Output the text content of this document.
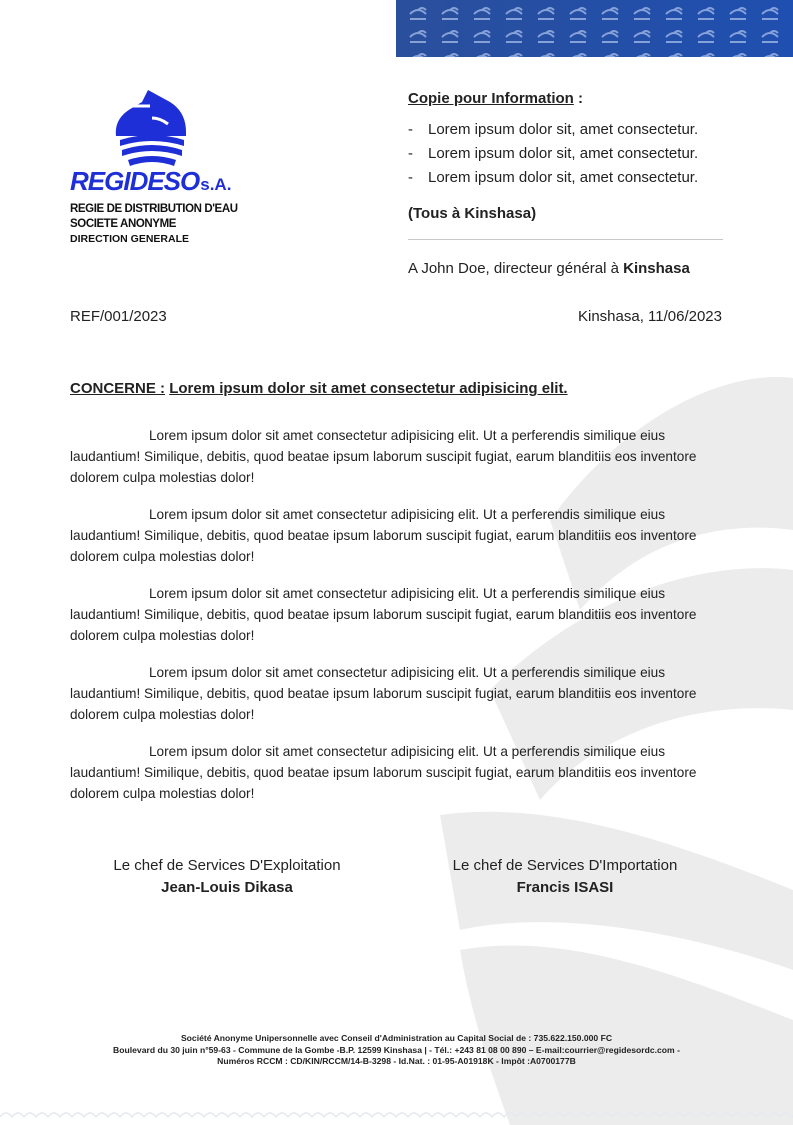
REGIDESOs.A.
REGIE DE DISTRIBUTION D'EAU
SOCIETE ANONYME
DIRECTION GENERALE
Copie pour Information :
- Lorem ipsum dolor sit, amet consectetur.
- Lorem ipsum dolor sit, amet consectetur.
- Lorem ipsum dolor sit, amet consectetur.
(Tous à Kinshasa)
A John Doe, directeur général à Kinshasa
REF/001/2023	Kinshasa, 11/06/2023
CONCERNE : Lorem ipsum dolor sit amet consectetur adipisicing elit.

Lorem ipsum dolor sit amet consectetur adipisicing elit. Ut a perferendis similique eius laudantium! Similique, debitis, quod beatae ipsum laborum suscipit fugiat, earum blanditiis eos inventore dolorem culpa molestias dolor!

Lorem ipsum dolor sit amet consectetur adipisicing elit. Ut a perferendis similique eius laudantium! Similique, debitis, quod beatae ipsum laborum suscipit fugiat, earum blanditiis eos inventore dolorem culpa molestias dolor!

Lorem ipsum dolor sit amet consectetur adipisicing elit. Ut a perferendis similique eius laudantium! Similique, debitis, quod beatae ipsum laborum suscipit fugiat, earum blanditiis eos inventore dolorem culpa molestias dolor!

Lorem ipsum dolor sit amet consectetur adipisicing elit. Ut a perferendis similique eius laudantium! Similique, debitis, quod beatae ipsum laborum suscipit fugiat, earum blanditiis eos inventore dolorem culpa molestias dolor!

Lorem ipsum dolor sit amet consectetur adipisicing elit. Ut a perferendis similique eius laudantium! Similique, debitis, quod beatae ipsum laborum suscipit fugiat, earum blanditiis eos inventore dolorem culpa molestias dolor!

Le chef de Services D'Exploitation
Jean-Louis Dikasa
Le chef de Services D'Importation
Francis ISASI
Société Anonyme Unipersonnelle avec Conseil d'Administration au Capital Social de : 735.622.150.000 FC
Boulevard du 30 juin n°59-63 - Commune de la Gombe -B.P. 12599 Kinshasa | - Tél.: +243 81 08 00 890 – E-mail:courrier@regidesordc.com -
Numéros RCCM : CD/KIN/RCCM/14-B-3298 - Id.Nat. : 01-95-A01918K - Impôt :A0700177B
